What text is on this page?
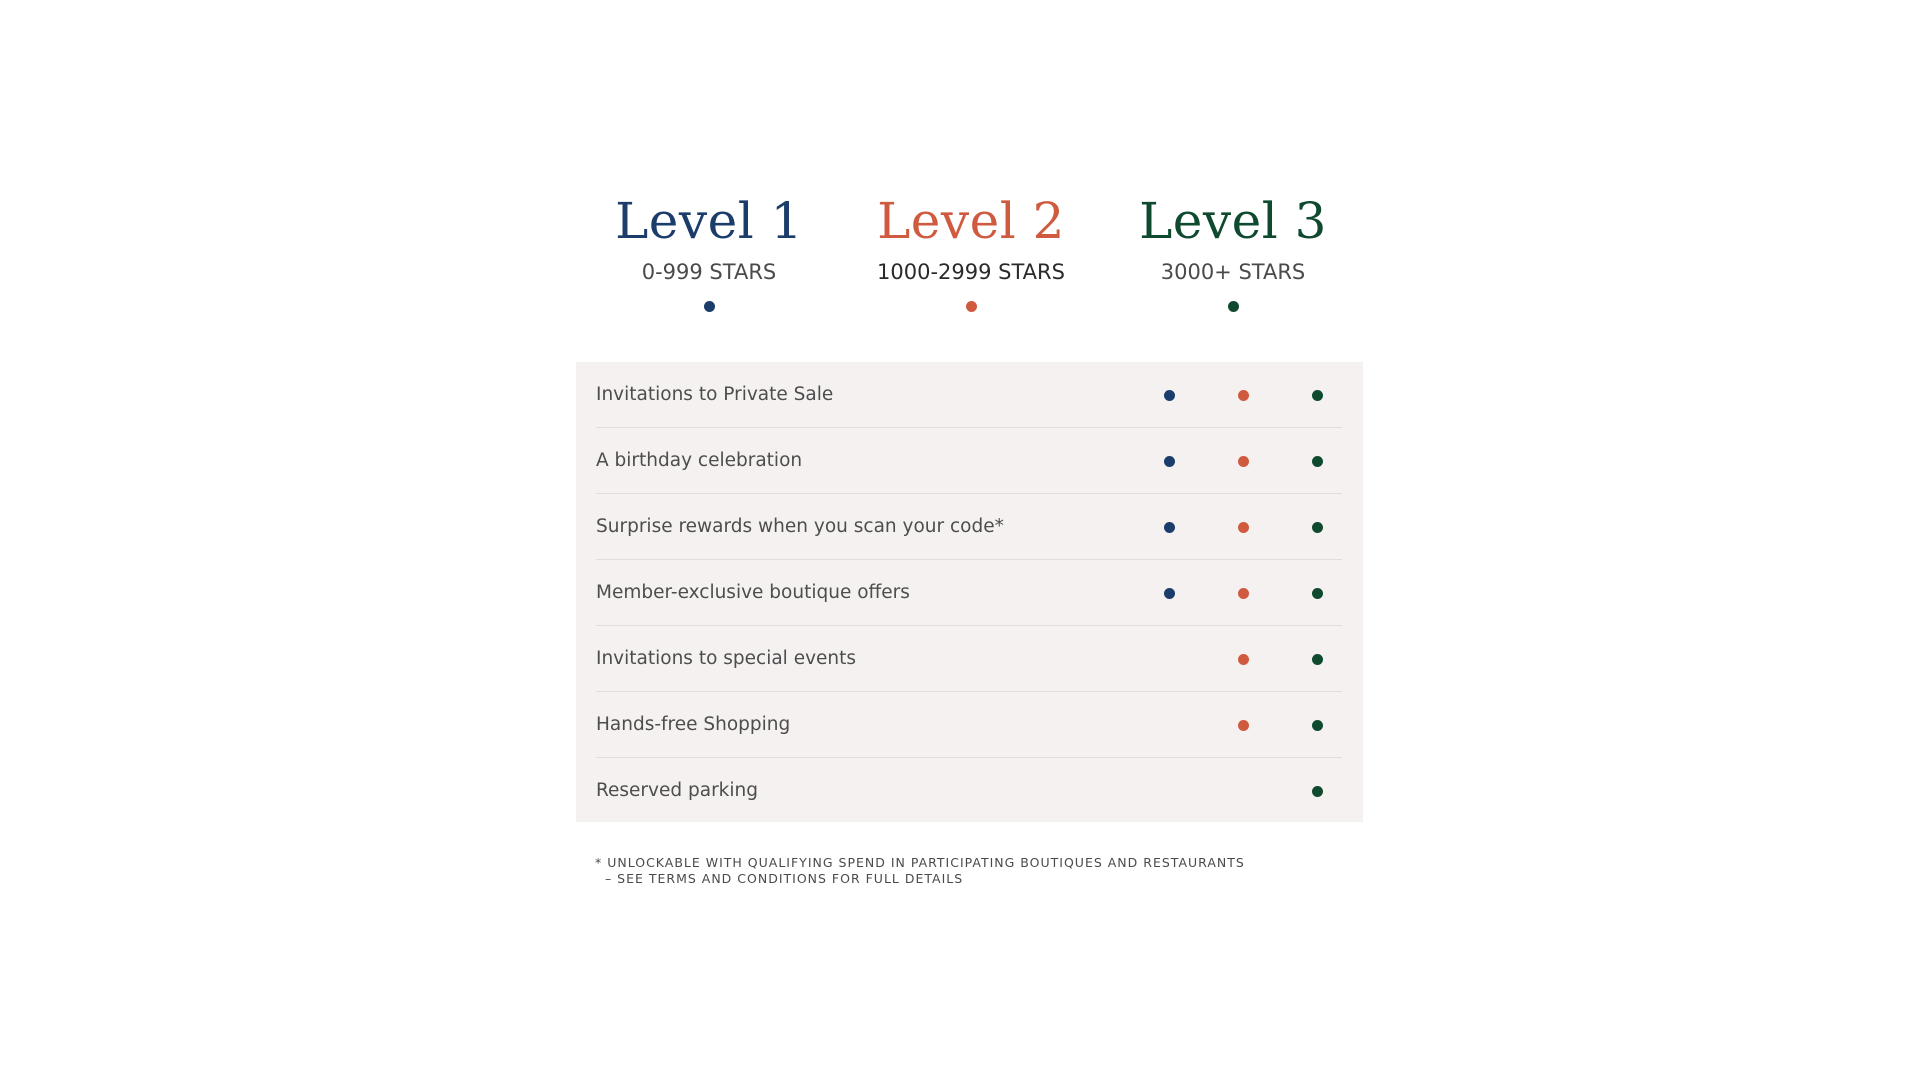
Level 1
0-999 STARS
Level 2
1000-2999 STARS
Level 3
3000+ STARS
Invitations to Private Sale
A birthday celebration
Surprise rewards when you scan your code*
Member-exclusive boutique offers
Invitations to special events
Hands-free Shopping
Reserved parking
* UNLOCKABLE WITH QUALIFYING SPEND IN PARTICIPATING BOUTIQUES AND RESTAURANTS
– SEE TERMS AND CONDITIONS FOR FULL DETAILS
